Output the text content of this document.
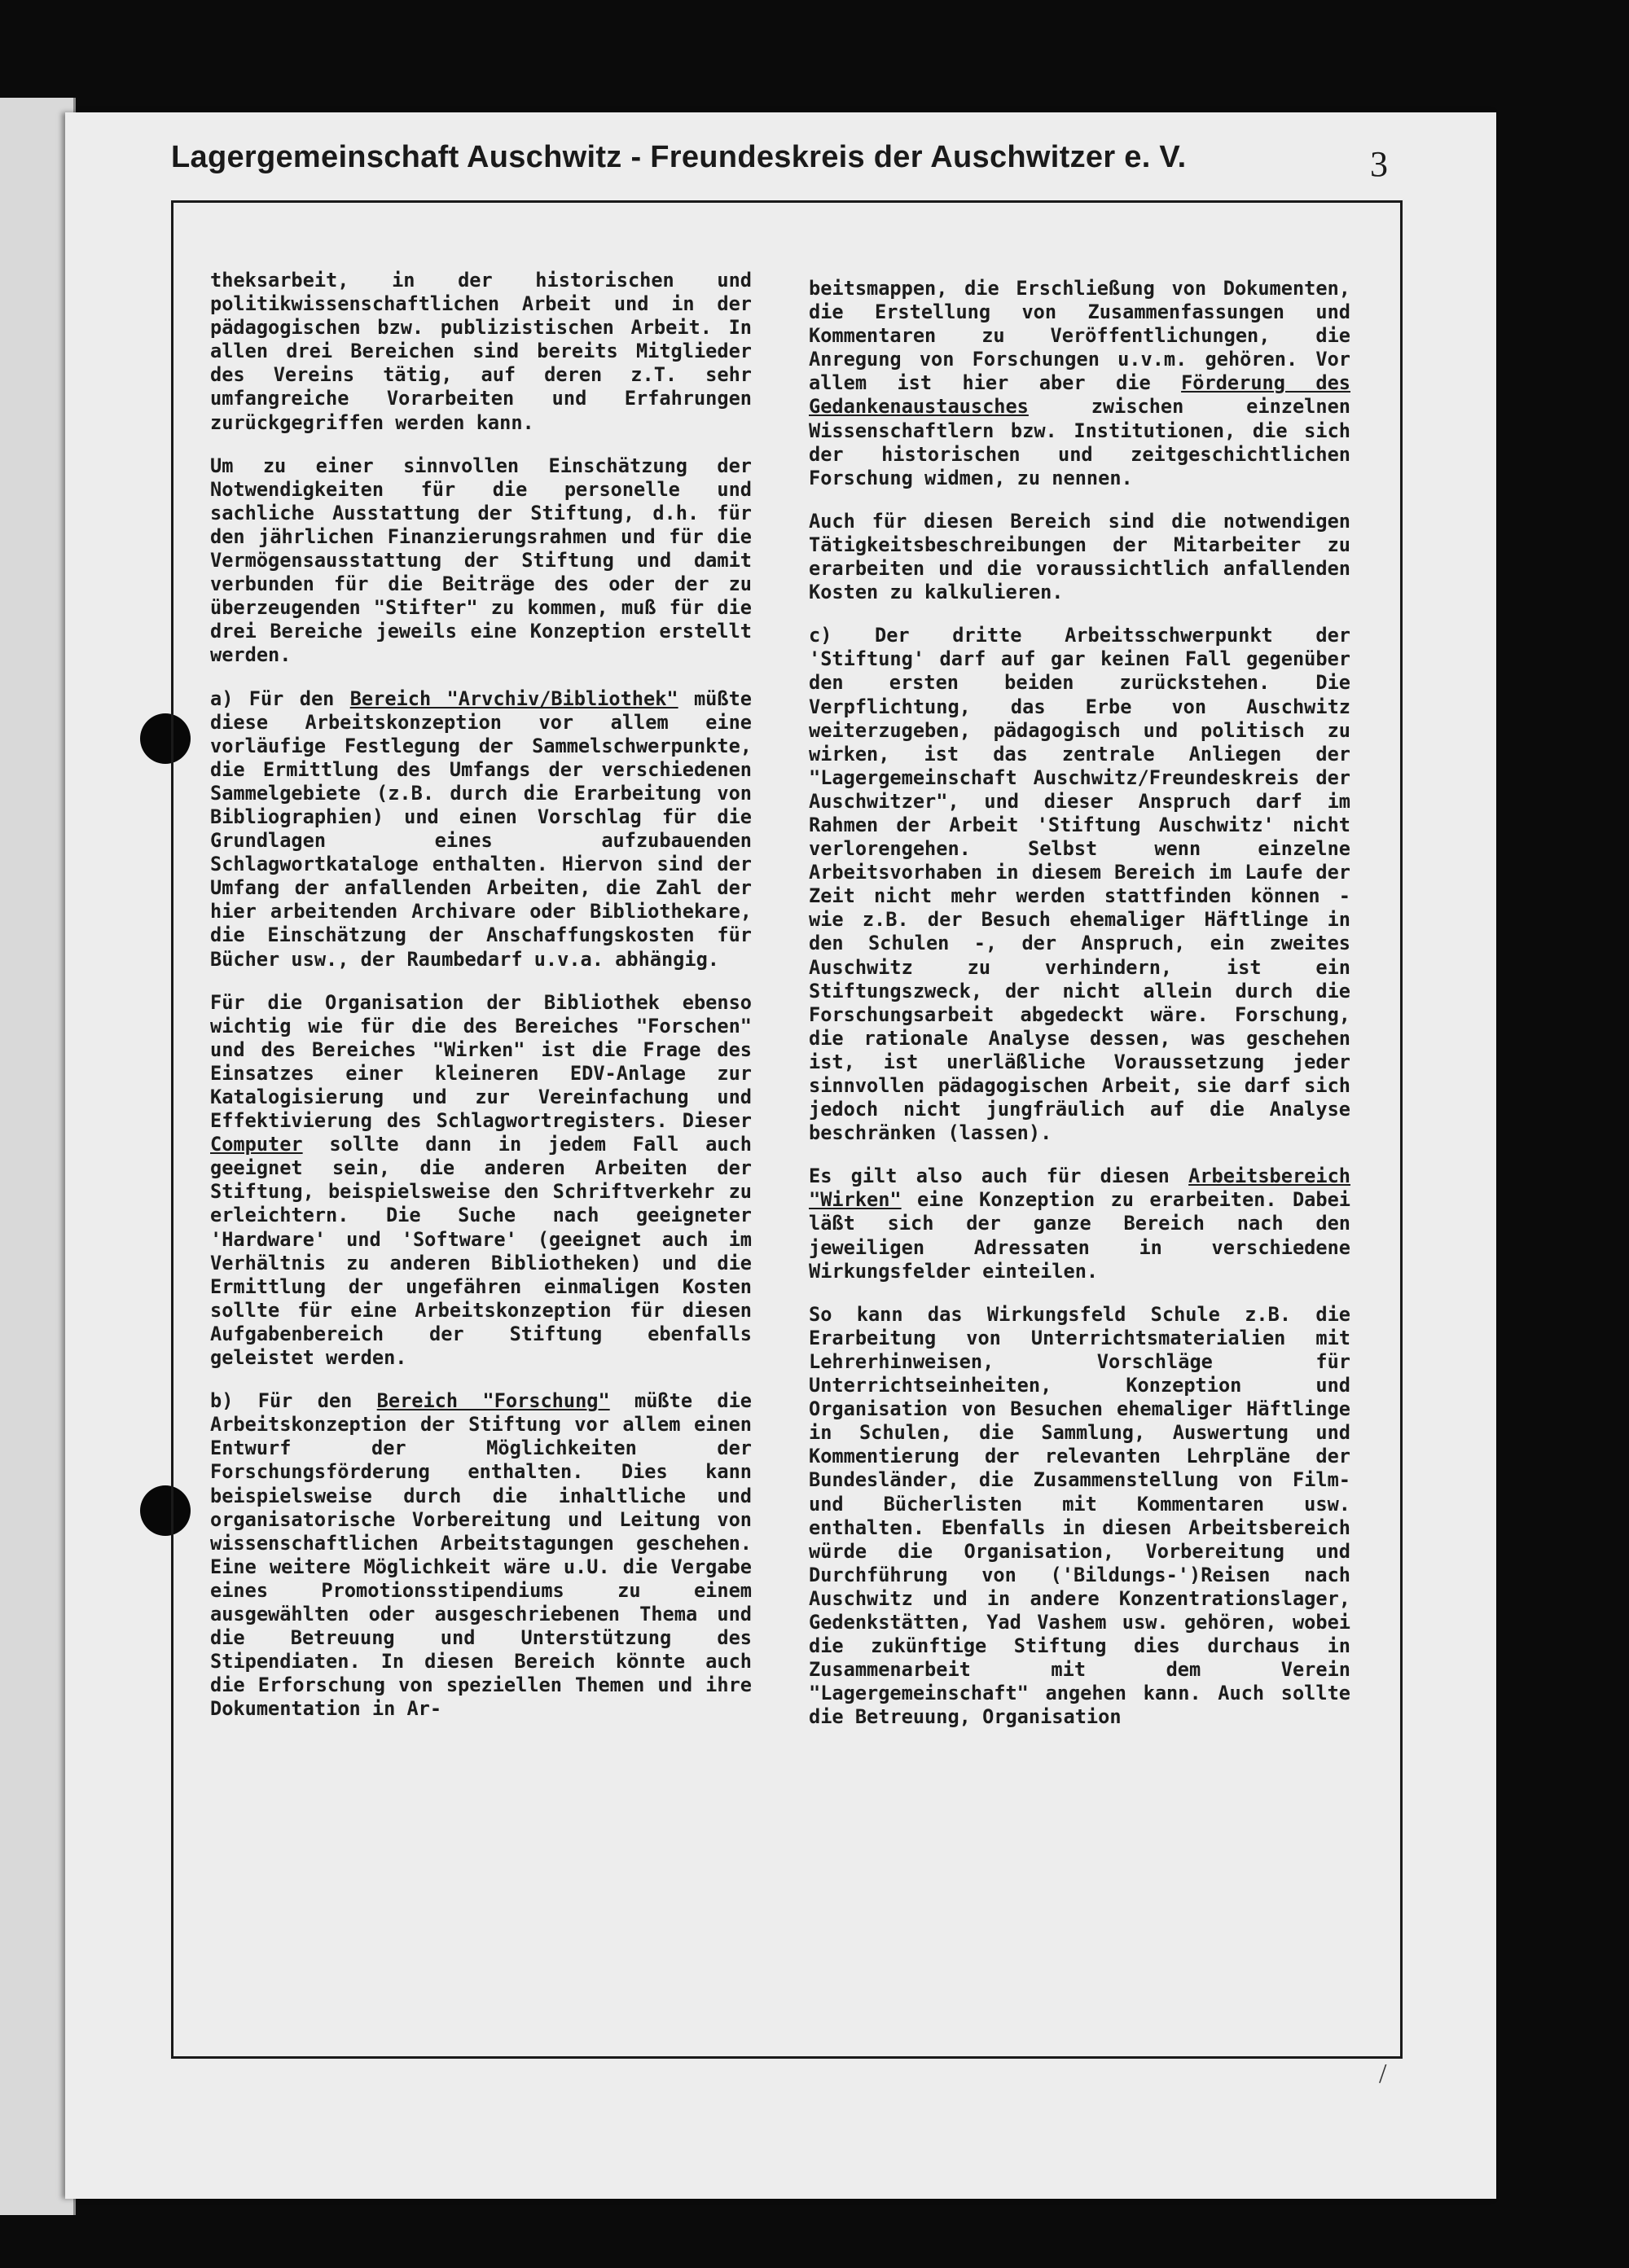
Lagergemeinschaft Auschwitz - Freundeskreis der Auschwitzer e. V.	3

theksarbeit, in der historischen und politikwissenschaftlichen Arbeit und in der pädagogischen bzw. publizistischen Arbeit. In allen drei Bereichen sind bereits Mitglieder des Vereins tätig, auf deren z.T. sehr umfangreiche Vorarbeiten und Erfahrungen zurückgegriffen werden kann.

Um zu einer sinnvollen Einschätzung der Notwendigkeiten für die personelle und sachliche Ausstattung der Stiftung, d.h. für den jährlichen Finanzierungsrahmen und für die Vermögensausstattung der Stiftung und damit verbunden für die Beiträge des oder der zu überzeugenden "Stifter" zu kommen, muß für die drei Bereiche jeweils eine Konzeption erstellt werden.

a) Für den Bereich "Arvchiv/Bibliothek" müßte diese Arbeitskonzeption vor allem eine vorläufige Festlegung der Sammelschwerpunkte, die Ermittlung des Umfangs der verschiedenen Sammelgebiete (z.B. durch die Erarbeitung von Bibliographien) und einen Vorschlag für die Grundlagen eines aufzubauenden Schlagwortkataloge enthalten. Hiervon sind der Umfang der anfallenden Arbeiten, die Zahl der hier arbeitenden Archivare oder Bibliothekare, die Einschätzung der Anschaffungskosten für Bücher usw., der Raumbedarf u.v.a. abhängig.

Für die Organisation der Bibliothek ebenso wichtig wie für die des Bereiches "Forschen" und des Bereiches "Wirken" ist die Frage des Einsatzes einer kleineren EDV-Anlage zur Katalogisierung und zur Vereinfachung und Effektivierung des Schlagwortregisters. Dieser Computer sollte dann in jedem Fall auch geeignet sein, die anderen Arbeiten der Stiftung, beispielsweise den Schriftverkehr zu erleichtern. Die Suche nach geeigneter 'Hardware' und 'Software' (geeignet auch im Verhältnis zu anderen Bibliotheken) und die Ermittlung der ungefähren einmaligen Kosten sollte für eine Arbeitskonzeption für diesen Aufgabenbereich der Stiftung ebenfalls geleistet werden.

b) Für den Bereich "Forschung" müßte die Arbeitskonzeption der Stiftung vor allem einen Entwurf der Möglichkeiten der Forschungsförderung enthalten. Dies kann beispielsweise durch die inhaltliche und organisatorische Vorbereitung und Leitung von wissenschaftlichen Arbeitstagungen geschehen. Eine weitere Möglichkeit wäre u.U. die Vergabe eines Promotionsstipendiums zu einem ausgewählten oder ausgeschriebenen Thema und die Betreuung und Unterstützung des Stipendiaten. In diesen Bereich könnte auch die Erforschung von speziellen Themen und ihre Dokumentation in Ar-

beitsmappen, die Erschließung von Dokumenten, die Erstellung von Zusammenfassungen und Kommentaren zu Veröffentlichungen, die Anregung von Forschungen u.v.m. gehören. Vor allem ist hier aber die Förderung des Gedankenaustausches zwischen einzelnen Wissenschaftlern bzw. Institutionen, die sich der historischen und zeitgeschichtlichen Forschung widmen, zu nennen.

Auch für diesen Bereich sind die notwendigen Tätigkeitsbeschreibungen der Mitarbeiter zu erarbeiten und die voraussichtlich anfallenden Kosten zu kalkulieren.

c) Der dritte Arbeitsschwerpunkt der 'Stiftung' darf auf gar keinen Fall gegenüber den ersten beiden zurückstehen. Die Verpflichtung, das Erbe von Auschwitz weiterzugeben, pädagogisch und politisch zu wirken, ist das zentrale Anliegen der "Lagergemeinschaft Auschwitz/Freundeskreis der Auschwitzer", und dieser Anspruch darf im Rahmen der Arbeit 'Stiftung Auschwitz' nicht verlorengehen. Selbst wenn einzelne Arbeitsvorhaben in diesem Bereich im Laufe der Zeit nicht mehr werden stattfinden können - wie z.B. der Besuch ehemaliger Häftlinge in den Schulen -, der Anspruch, ein zweites Auschwitz zu verhindern, ist ein Stiftungszweck, der nicht allein durch die Forschungsarbeit abgedeckt wäre. Forschung, die rationale Analyse dessen, was geschehen ist, ist unerläßliche Voraussetzung jeder sinnvollen pädagogischen Arbeit, sie darf sich jedoch nicht jungfräulich auf die Analyse beschränken (lassen).

Es gilt also auch für diesen Arbeitsbereich "Wirken" eine Konzeption zu erarbeiten. Dabei läßt sich der ganze Bereich nach den jeweiligen Adressaten in verschiedene Wirkungsfelder einteilen.

So kann das Wirkungsfeld Schule z.B. die Erarbeitung von Unterrichtsmaterialien mit Lehrerhinweisen, Vorschläge für Unterrichtseinheiten, Konzeption und Organisation von Besuchen ehemaliger Häftlinge in Schulen, die Sammlung, Auswertung und Kommentierung der relevanten Lehrpläne der Bundesländer, die Zusammenstellung von Film- und Bücherlisten mit Kommentaren usw. enthalten. Ebenfalls in diesen Arbeitsbereich würde die Organisation, Vorbereitung und Durchführung von ('Bildungs-')Reisen nach Auschwitz und in andere Konzentrationslager, Gedenkstätten, Yad Vashem usw. gehören, wobei die zukünftige Stiftung dies durchaus in Zusammenarbeit mit dem Verein "Lagergemeinschaft" angehen kann. Auch sollte die Betreuung, Organisation

/
